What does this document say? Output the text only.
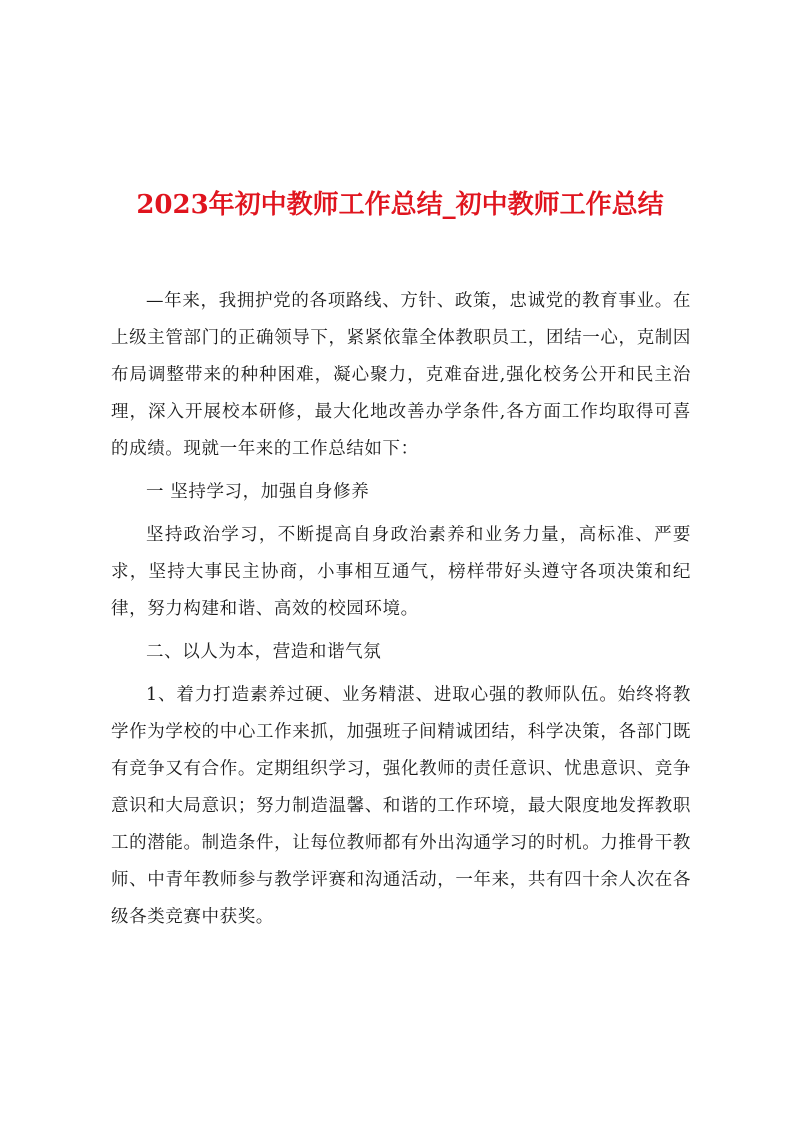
2023年初中教师工作总结_初中教师工作总结

—年来，我拥护党的各项路线、方针、政策，忠诚党的教育事业。在上级主管部门的正确领导下，紧紧依靠全体教职员工，团结一心，克制因布局调整带来的种种困难，凝心聚力，克难奋进,强化校务公开和民主治理，深入开展校本研修，最大化地改善办学条件,各方面工作均取得可喜的成绩。现就一年来的工作总结如下：

一 坚持学习，加强自身修养

坚持政治学习，不断提高自身政治素养和业务力量，高标准、严要求，坚持大事民主协商，小事相互通气，榜样带好头遵守各项决策和纪律，努力构建和谐、高效的校园环境。

二、以人为本，营造和谐气氛

1、着力打造素养过硬、业务精湛、进取心强的教师队伍。始终将教学作为学校的中心工作来抓，加强班子间精诚团结，科学决策，各部门既有竞争又有合作。定期组织学习，强化教师的责任意识、忧患意识、竞争意识和大局意识；努力制造温馨、和谐的工作环境，最大限度地发挥教职工的潜能。制造条件，让每位教师都有外出沟通学习的时机。力推骨干教师、中青年教师参与教学评赛和沟通活动，一年来，共有四十余人次在各级各类竞赛中获奖。
